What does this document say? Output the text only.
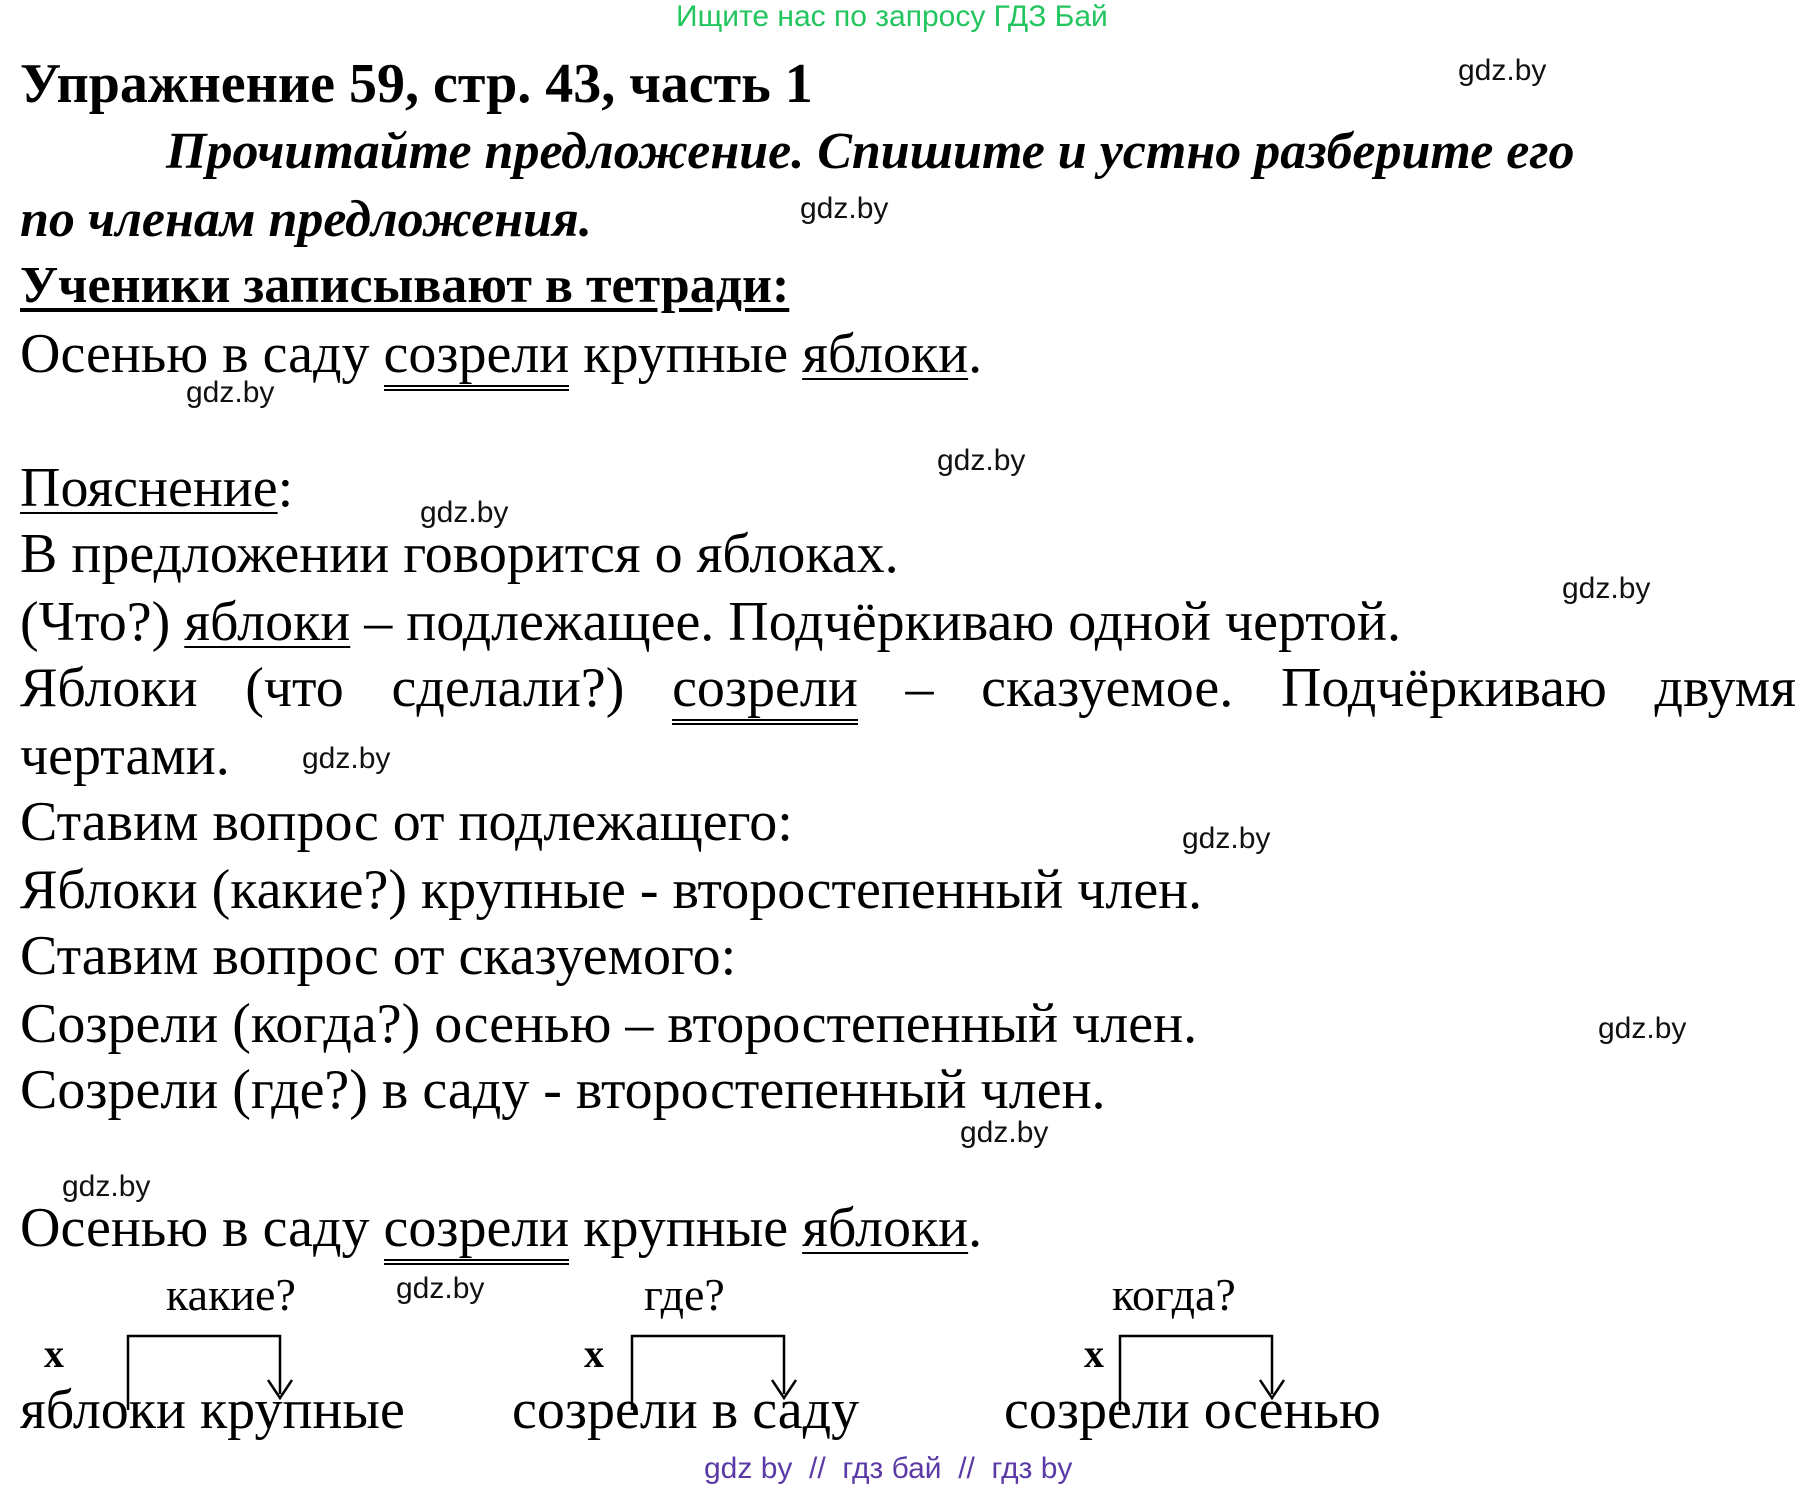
Ищите нас по запросу ГДЗ Бай
gdz.by
gdz.by
gdz.by
gdz.by
gdz.by
gdz.by
gdz.by
gdz.by
gdz.by
gdz.by
gdz.by
gdz.by
Упражнение 59, стр. 43, часть 1
Прочитайте предложение. Спишите и устно разберите его
по членам предложения.
Ученики записывают в тетради:
Осенью в саду созрели крупные яблоки.
Пояснение:
В предложении говорится о яблоках.
(Что?) яблоки – подлежащее. Подчёркиваю одной чертой.
Яблоки (что сделали?) созрели – сказуемое. Подчёркиваю двумя
чертами.
Ставим вопрос от подлежащего:
Яблоки (какие?) крупные - второстепенный член.
Ставим вопрос от сказуемого:
Созрели (когда?) осенью – второстепенный член.
Созрели (где?) в саду - второстепенный член.
Осенью в саду созрели крупные яблоки.
какие?
x
яблоки крупные
где?
x
созрели в саду
когда?
x
созрели осенью
gdz by  //  гдз бай  //  гдз by
